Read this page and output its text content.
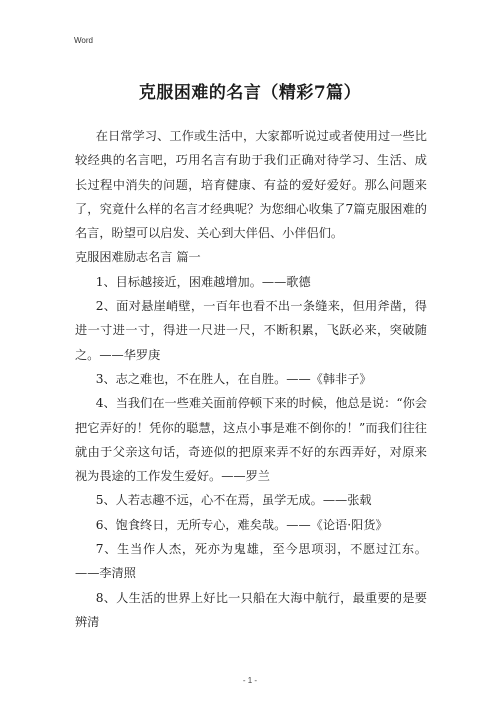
Word
克服困难的名言（精彩7篇）

在日常学习、工作或生活中，大家都听说过或者使用过一些比较经典的名言吧，巧用名言有助于我们正确对待学习、生活、成长过程中消失的问题，培育健康、有益的爱好爱好。那么问题来了，究竟什么样的名言才经典呢？为您细心收集了7篇克服困难的名言，盼望可以启发、关心到大伴侣、小伴侣们。

克服困难励志名言 篇一

1、目标越接近，困难越增加。——歌德

2、面对悬崖峭壁，一百年也看不出一条缝来，但用斧凿，得进一寸进一寸，得进一尺进一尺，不断积累，飞跃必来，突破随之。——华罗庚

3、志之难也，不在胜人，在自胜。——《韩非子》

4、当我们在一些难关面前停顿下来的时候，他总是说：“你会把它弄好的！凭你的聪慧，这点小事是难不倒你的！”而我们往往就由于父亲这句话，奇迹似的把原来弄不好的东西弄好，对原来视为畏途的工作发生爱好。——罗兰

5、人若志趣不远，心不在焉，虽学无成。——张载

6、饱食终日，无所专心，难矣哉。——《论语·阳货》

7、生当作人杰，死亦为鬼雄，至今思项羽，不愿过江东。——李清照

8、人生活的世界上好比一只船在大海中航行，最重要的是要辨清

- 1 -
